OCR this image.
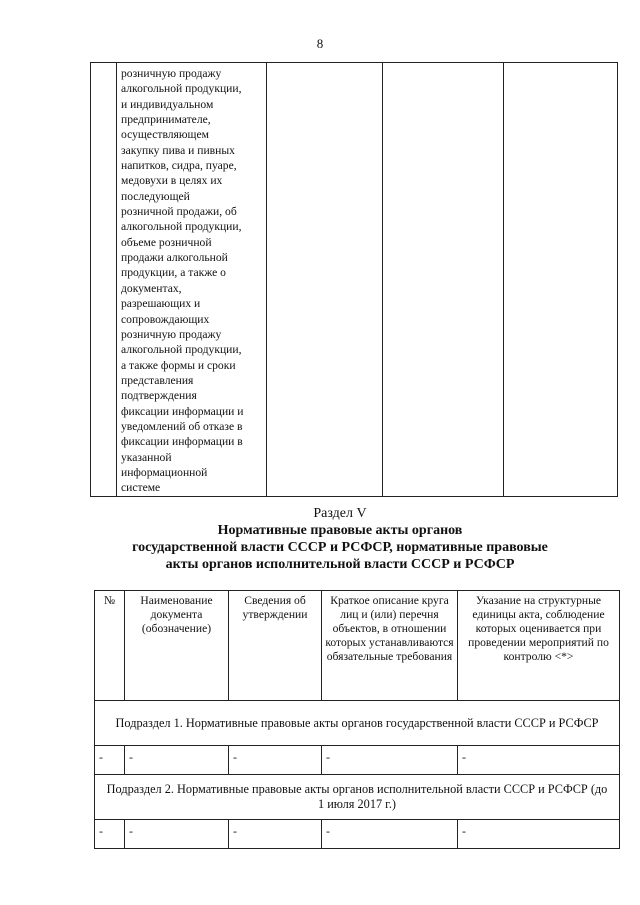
8

розничную продажу
алкогольной продукции,
и индивидуальном
предпринимателе,
осуществляющем
закупку пива и пивных
напитков, сидра, пуаре,
медовухи в целях их
последующей
розничной продажи, об
алкогольной продукции,
объеме розничной
продажи алкогольной
продукции, а также о
документах,
разрешающих и
сопровождающих
розничную продажу
алкогольной продукции,
а также формы и сроки
представления
подтверждения
фиксации информации и
уведомлений об отказе в
фиксации информации в
указанной
информационной
системе

Раздел V
Нормативные правовые акты органов
государственной власти СССР и РСФСР, нормативные правовые
акты органов исполнительной власти СССР и РСФСР
№	Наименование документа (обозначение)	Сведения об утверждении	Краткое описание круга лиц и (или) перечня объектов, в отношении которых устанавливаются обязательные требования	Указание на структурные единицы акта, соблюдение которых оценивается при проведении мероприятий по контролю <*>
Подраздел 1. Нормативные правовые акты органов государственной власти СССР и РСФСР				
-	-	-	-	-
Подраздел 2. Нормативные правовые акты органов исполнительной власти СССР и РСФСР (до 1 июля 2017 г.)				
-	-	-	-	-
